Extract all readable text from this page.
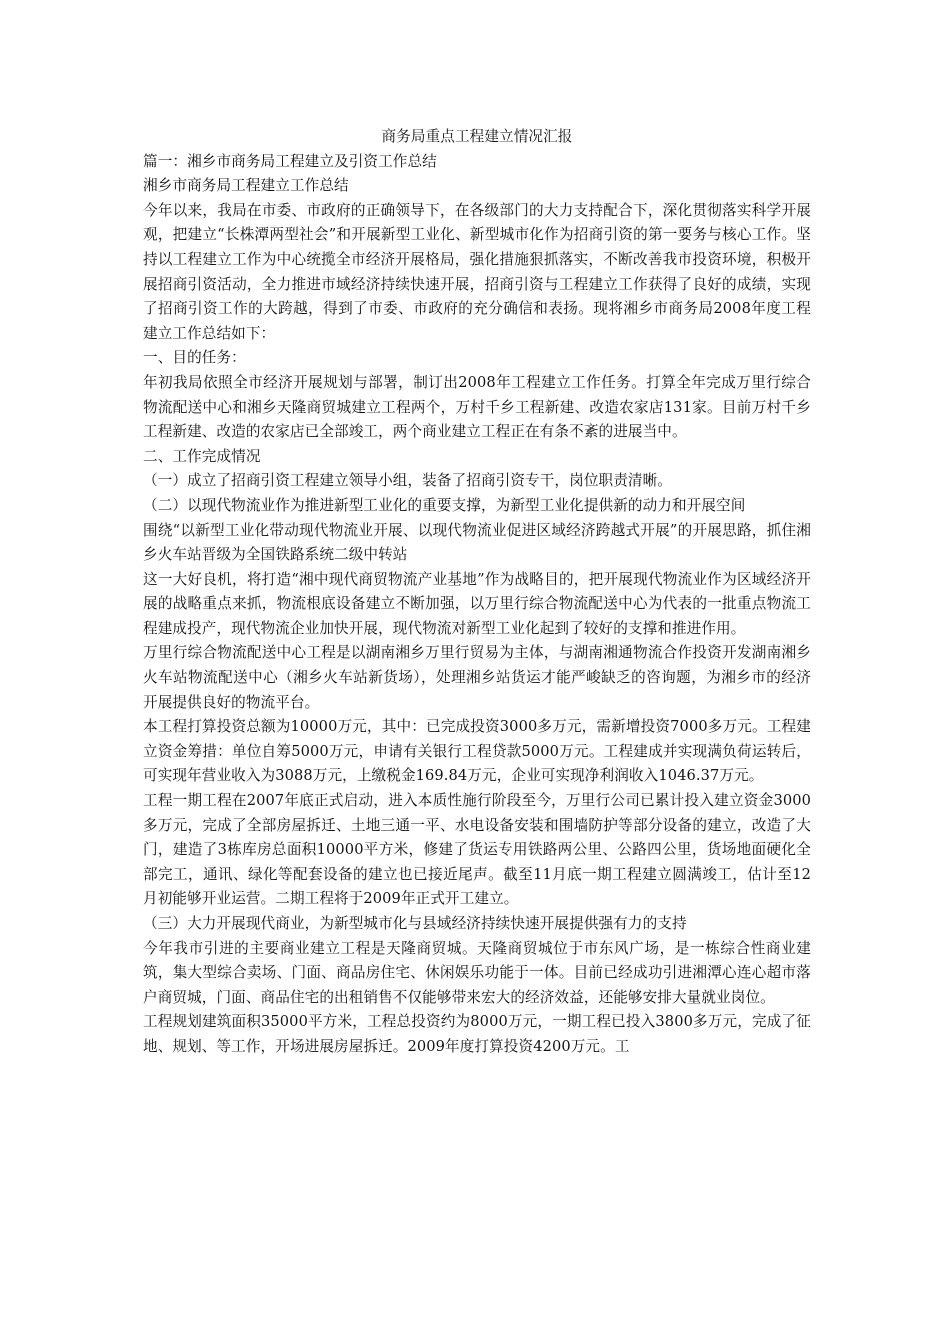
商务局重点工程建立情况汇报

篇一：湘乡市商务局工程建立及引资工作总结

湘乡市商务局工程建立工作总结

今年以来，我局在市委、市政府的正确领导下，在各级部门的大力支持配合下，深化贯彻落实科学开展观，把建立“长株潭两型社会”和开展新型工业化、新型城市化作为招商引资的第一要务与核心工作。坚持以工程建立工作为中心统揽全市经济开展格局，强化措施狠抓落实，不断改善我市投资环境，积极开展招商引资活动，全力推进市域经济持续快速开展，招商引资与工程建立工作获得了良好的成绩，实现了招商引资工作的大跨越，得到了市委、市政府的充分确信和表扬。现将湘乡市商务局2008年度工程建立工作总结如下：

一、目的任务：

年初我局依照全市经济开展规划与部署，制订出2008年工程建立工作任务。打算全年完成万里行综合物流配送中心和湘乡天隆商贸城建立工程两个，万村千乡工程新建、改造农家店131家。目前万村千乡工程新建、改造的农家店已全部竣工，两个商业建立工程正在有条不紊的进展当中。

二、工作完成情况

（一）成立了招商引资工程建立领导小组，装备了招商引资专干，岗位职责清晰。

（二）以现代物流业作为推进新型工业化的重要支撑，为新型工业化提供新的动力和开展空间

围绕“以新型工业化带动现代物流业开展、以现代物流业促进区域经济跨越式开展”的开展思路，抓住湘乡火车站晋级为全国铁路系统二级中转站

这一大好良机，将打造“湘中现代商贸物流产业基地”作为战略目的，把开展现代物流业作为区域经济开展的战略重点来抓，物流根底设备建立不断加强，以万里行综合物流配送中心为代表的一批重点物流工程建成投产，现代物流企业加快开展，现代物流对新型工业化起到了较好的支撑和推进作用。

万里行综合物流配送中心工程是以湖南湘乡万里行贸易为主体，与湖南湘通物流合作投资开发湖南湘乡火车站物流配送中心（湘乡火车站新货场），处理湘乡站货运才能严峻缺乏的咨询题，为湘乡市的经济开展提供良好的物流平台。

本工程打算投资总额为10000万元，其中：已完成投资3000多万元，需新增投资7000多万元。工程建立资金筹措：单位自筹5000万元，申请有关银行工程贷款5000万元。工程建成并实现满负荷运转后，可实现年营业收入为3088万元，上缴税金169.84万元，企业可实现净利润收入1046.37万元。

工程一期工程在2007年底正式启动，进入本质性施行阶段至今，万里行公司已累计投入建立资金3000多万元，完成了全部房屋拆迁、土地三通一平、水电设备安装和围墙防护等部分设备的建立，改造了大门，建造了3栋库房总面积10000平方米，修建了货运专用铁路两公里、公路四公里，货场地面硬化全部完工，通讯、绿化等配套设备的建立也已接近尾声。截至11月底一期工程建立圆满竣工，估计至12月初能够开业运营。二期工程将于2009年正式开工建立。

（三）大力开展现代商业，为新型城市化与县域经济持续快速开展提供强有力的支持

今年我市引进的主要商业建立工程是天隆商贸城。天隆商贸城位于市东风广场，是一栋综合性商业建筑，集大型综合卖场、门面、商品房住宅、休闲娱乐功能于一体。目前已经成功引进湘潭心连心超市落户商贸城，门面、商品住宅的出租销售不仅能够带来宏大的经济效益，还能够安排大量就业岗位。

工程规划建筑面积35000平方米，工程总投资约为8000万元，一期工程已投入3800多万元，完成了征地、规划、等工作，开场进展房屋拆迁。2009年度打算投资4200万元。工
